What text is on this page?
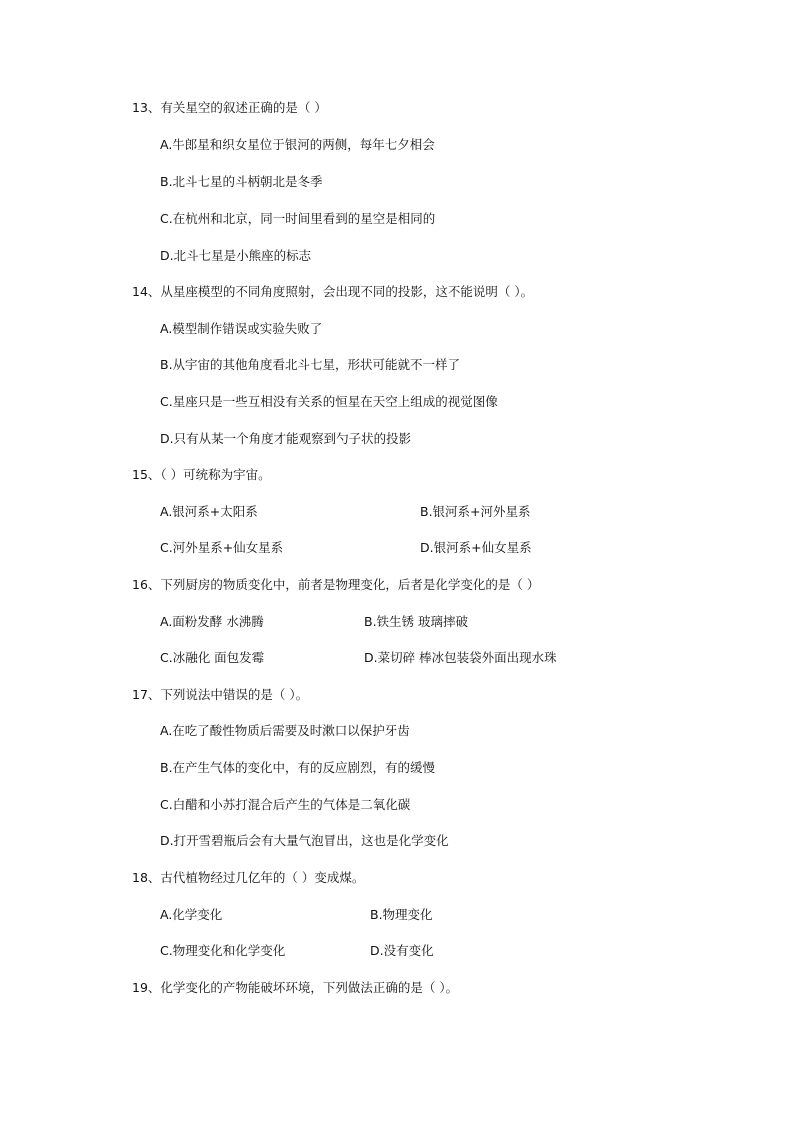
13、有关星空的叙述正确的是（ ）
A.牛郎星和织女星位于银河的两侧，每年七夕相会
B.北斗七星的斗柄朝北是冬季
C.在杭州和北京，同一时间里看到的星空是相同的
D.北斗七星是小熊座的标志
14、从星座模型的不同角度照射，会出现不同的投影，这不能说明（ ）。
A.模型制作错误或实验失败了
B.从宇宙的其他角度看北斗七星，形状可能就不一样了
C.星座只是一些互相没有关系的恒星在天空上组成的视觉图像
D.只有从某一个角度才能观察到勺子状的投影
15、（ ）可统称为宇宙。
A.银河系+太阳系	B.银河系+河外星系
C.河外星系+仙女星系	D.银河系+仙女星系
16、下列厨房的物质变化中，前者是物理变化，后者是化学变化的是（ ）
A.面粉发酵 水沸腾	B.铁生锈 玻璃摔破
C.冰融化 面包发霉	D.菜切碎 棒冰包装袋外面出现水珠
17、下列说法中错误的是（ ）。
A.在吃了酸性物质后需要及时漱口以保护牙齿
B.在产生气体的变化中，有的反应剧烈，有的缓慢
C.白醋和小苏打混合后产生的气体是二氧化碳
D.打开雪碧瓶后会有大量气泡冒出，这也是化学变化
18、古代植物经过几亿年的（ ）变成煤。
A.化学变化	B.物理变化
C.物理变化和化学变化	D.没有变化
19、化学变化的产物能破坏环境，下列做法正确的是（ ）。
